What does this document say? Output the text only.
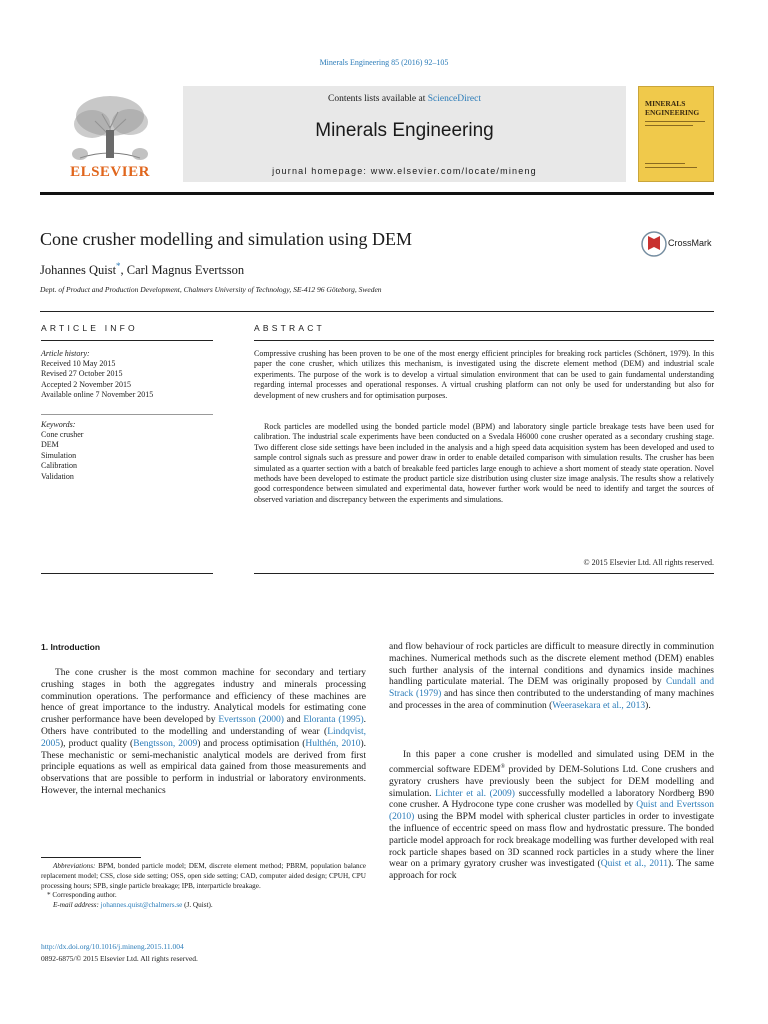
Minerals Engineering 85 (2016) 92–105
Contents lists available at ScienceDirect
Minerals Engineering
journal homepage: www.elsevier.com/locate/mineng
ELSEVIER
MINERALS ENGINEERING
Cone crusher modelling and simulation using DEM	CrossMark
Johannes Quist*, Carl Magnus Evertsson
Dept. of Product and Production Development, Chalmers University of Technology, SE-412 96 Göteborg, Sweden
ARTICLE INFO
Article history:
Received 10 May 2015
Revised 27 October 2015
Accepted 2 November 2015
Available online 7 November 2015
Keywords:
Cone crusher
DEM
Simulation
Calibration
Validation
ABSTRACT
Compressive crushing has been proven to be one of the most energy efficient principles for breaking rock particles (Schönert, 1979). In this paper the cone crusher, which utilizes this mechanism, is investigated using the discrete element method (DEM) and industrial scale experiments. The purpose of the work is to develop a virtual simulation environment that can be used to gain fundamental understanding regarding internal processes and operational responses. A virtual crushing platform can not only be used for understanding but also for development of new crushers and for optimisation purposes.
Rock particles are modelled using the bonded particle model (BPM) and laboratory single particle breakage tests have been used for calibration. The industrial scale experiments have been conducted on a Svedala H6000 cone crusher operated as a secondary crushing stage. Two different close side settings have been included in the analysis and a high speed data acquisition system has been developed and used to sample control signals such as pressure and power draw in order to enable detailed comparison with simulation results. The crusher has been simulated as a quarter section with a batch of breakable feed particles large enough to achieve a short moment of steady state operation. Novel methods have been developed to estimate the product particle size distribution using cluster size image analysis. The results show a relatively good correspondence between simulated and experimental data, however further work would be need to identify and target the sources of observed variation and discrepancy between the experiments and simulations.
© 2015 Elsevier Ltd. All rights reserved.
1. Introduction
The cone crusher is the most common machine for secondary and tertiary crushing stages in both the aggregates industry and minerals processing comminution operations. The performance and efficiency of these machines are hence of great importance to the industry. Analytical models for estimating cone crusher performance have been developed by Evertsson (2000) and Eloranta (1995). Others have contributed to the modelling and understanding of wear (Lindqvist, 2005), product quality (Bengtsson, 2009) and process optimisation (Hulthén, 2010). These mechanistic or semi-mechanistic analytical models are derived from first principle equations as well as empirical data gained from those measurements and observations that are possible to perform in industrial or laboratory environments. However, the internal mechanics
and flow behaviour of rock particles are difficult to measure directly in comminution machines. Numerical methods such as the discrete element method (DEM) enables such further analysis of the internal conditions and dynamics inside machines handling particulate material. The DEM was originally proposed by Cundall and Strack (1979) and has since then contributed to the understanding of many machines and processes in the area of comminution (Weerasekara et al., 2013).
In this paper a cone crusher is modelled and simulated using DEM in the commercial software EDEM® provided by DEM-Solutions Ltd. Cone crushers and gyratory crushers have previously been the subject for DEM modelling and simulation. Lichter et al. (2009) successfully modelled a laboratory Nordberg B90 cone crusher. A Hydrocone type cone crusher was modelled by Quist and Evertsson (2010) using the BPM model with spherical cluster particles in order to investigate the influence of eccentric speed on mass flow and hydrostatic pressure. The bonded particle model approach for rock breakage modelling was further developed with real rock particle shapes based on 3D scanned rock particles in a study where the liner wear on a primary gyratory crusher was investigated (Quist et al., 2011). The same approach for rock
Abbreviations: BPM, bonded particle model; DEM, discrete element method; PBRM, population balance replacement model; CSS, close side setting; OSS, open side setting; CAD, computer aided design; CPUH, CPU processing hours; SPB, single particle breakage; IPB, interparticle breakage.
* Corresponding author.
E-mail address: johannes.quist@chalmers.se (J. Quist).
http://dx.doi.org/10.1016/j.mineng.2015.11.004
0892-6875/© 2015 Elsevier Ltd. All rights reserved.
